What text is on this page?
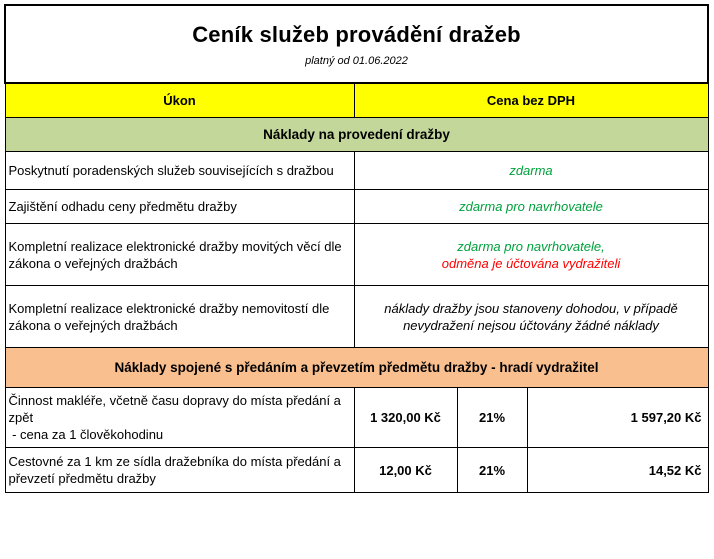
Ceník služeb provádění dražeb
platný od 01.06.2022			

Úkon	Cena bez DPH		
Náklady na provedení dražby			
Poskytnutí poradenských služeb souvisejících s dražbou	zdarma		
Zajištění odhadu ceny předmětu dražby	zdarma pro navrhovatele		
Kompletní realizace elektronické dražby movitých věcí dle zákona o veřejných dražbách	zdarma pro navrhovatele,
odměna je účtována vydražiteli		

Kompletní realizace elektronické dražby nemovitostí dle zákona o veřejných dražbách	náklady dražby jsou stanoveny dohodou, v případě nevydražení nejsou účtovány žádné náklady		
Náklady spojené s předáním a převzetím předmětu dražby - hradí vydražitel			

Činnost makléře, včetně času dopravy do místa předání a zpět
- cena za 1 člověkohodinu	1 320,00 Kč	21%	1 597,20 Kč
Cestovné za 1 km ze sídla dražebníka do místa předání a převzetí předmětu dražby	12,00 Kč	21%	14,52 Kč
